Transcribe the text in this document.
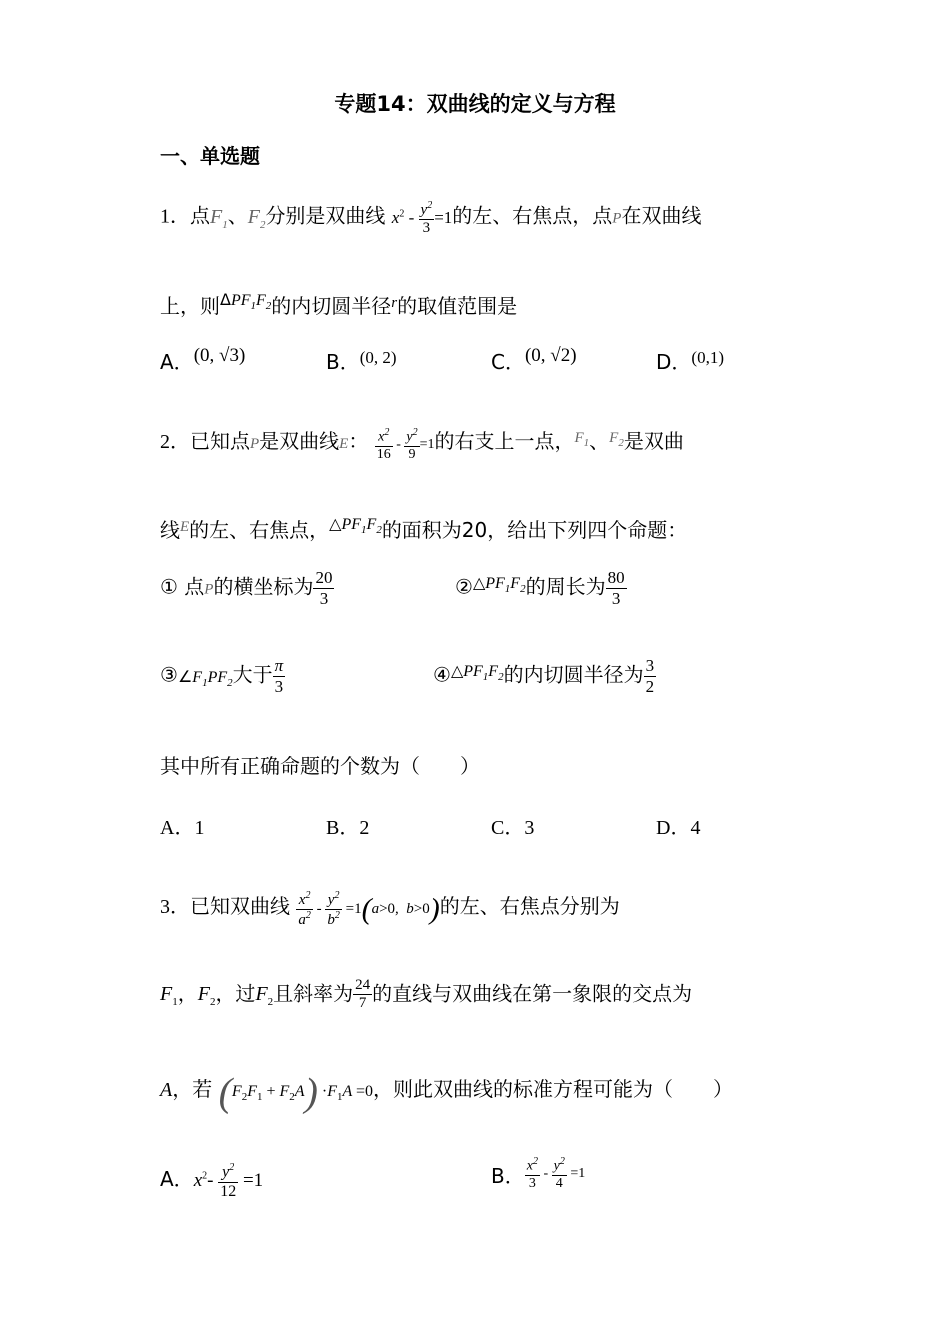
专题14：双曲线的定义与方程
一、单选题
1．点$F_1$、$F_2$分别是双曲线 $x^2 - \frac{y^2}{3} =1$的左、右焦点，点P在双曲线
上，则$^{\Delta PF_1F_2}$的内切圆半径$^r$的取值范围是
A．(0, √3)	B．$^{(0, 2)}$	C．(0, √2)	D．$^{(0,1)}$
2．已知点P是双曲线E： $\frac{x^2}{16} - \frac{y^2}{9} =1$的右支上一点，$^{F_1}$、$^{F_2}$是双曲
线$^E$的左、右焦点，$^{\triangle PF_1F_2}$的面积为20，给出下列四个命题：
① 点P的横坐标为 $\frac{20}{3}$	②$^{\triangle PF_1F_2}$的周长为 $\frac{80}{3}$
$③\angle F_1PF_2$大于 $\frac{\pi}{3}$	④$^{\triangle PF_1F_2}$的内切圆半径为 $\frac{3}{2}$
其中所有正确命题的个数为（　　）
A．1	B．2	C．3	D．4
3．已知双曲线 $\frac{x^2}{a^2} - \frac{y^2}{b^2} =1(a>0$,  b>0)的左、右焦点分别为
$F_1$，$F_2$，过$F_2$且斜率为 $\frac{24}{7}$ 的直线与双曲线在第一象限的交点为
A，若 $(F_2F_1 + F_2A) \cdot F_1A =0$，则此双曲线的标准方程可能为（　　）
A．$x^2- \frac{y^2}{12} =1$	B． $^{\frac{x^2}{3} - \frac{y^2}{4} =1}$
